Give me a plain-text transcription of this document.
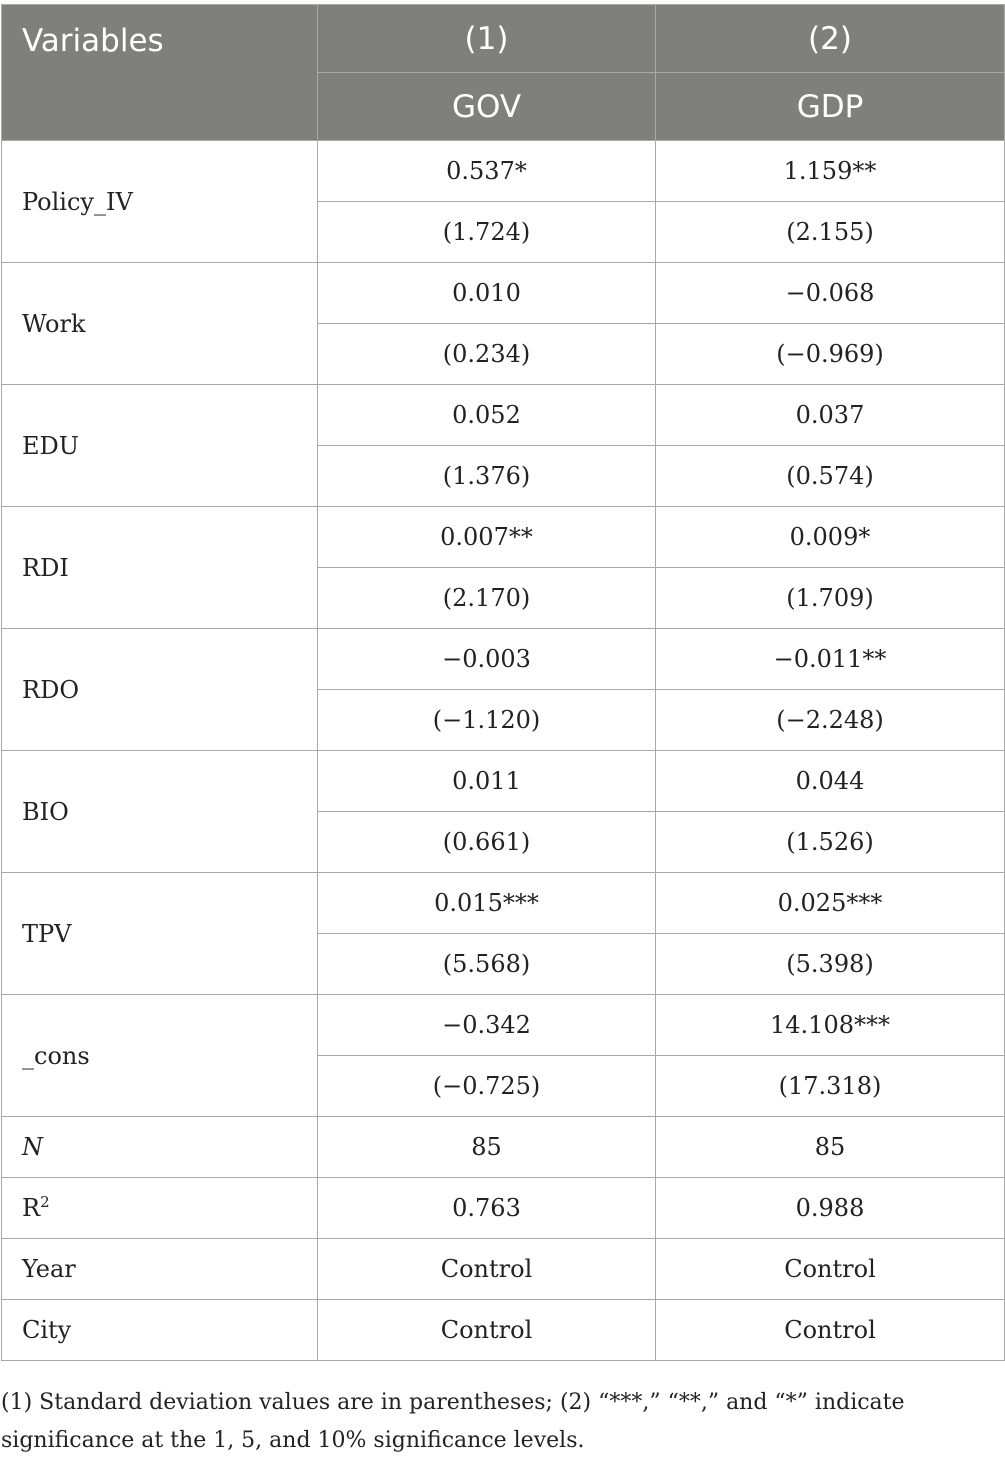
Variables	(1)	(2)
	GOV	GDP
Policy_IV	0.537*	1.159**
	(1.724)	(2.155)
Work	0.010	−0.068
	(0.234)	(−0.969)
EDU	0.052	0.037
	(1.376)	(0.574)
RDI	0.007**	0.009*
	(2.170)	(1.709)
RDO	−0.003	−0.011**
	(−1.120)	(−2.248)
BIO	0.011	0.044
	(0.661)	(1.526)
TPV	0.015***	0.025***
	(5.568)	(5.398)
_cons	−0.342	14.108***
	(−0.725)	(17.318)
N	85	85
$R^2$	0.763	0.988
Year	Control	Control
City	Control	Control

(1) Standard deviation values are in parentheses; (2) “***,” “**,” and “*” indicate significance at the 1, 5, and 10% significance levels.
